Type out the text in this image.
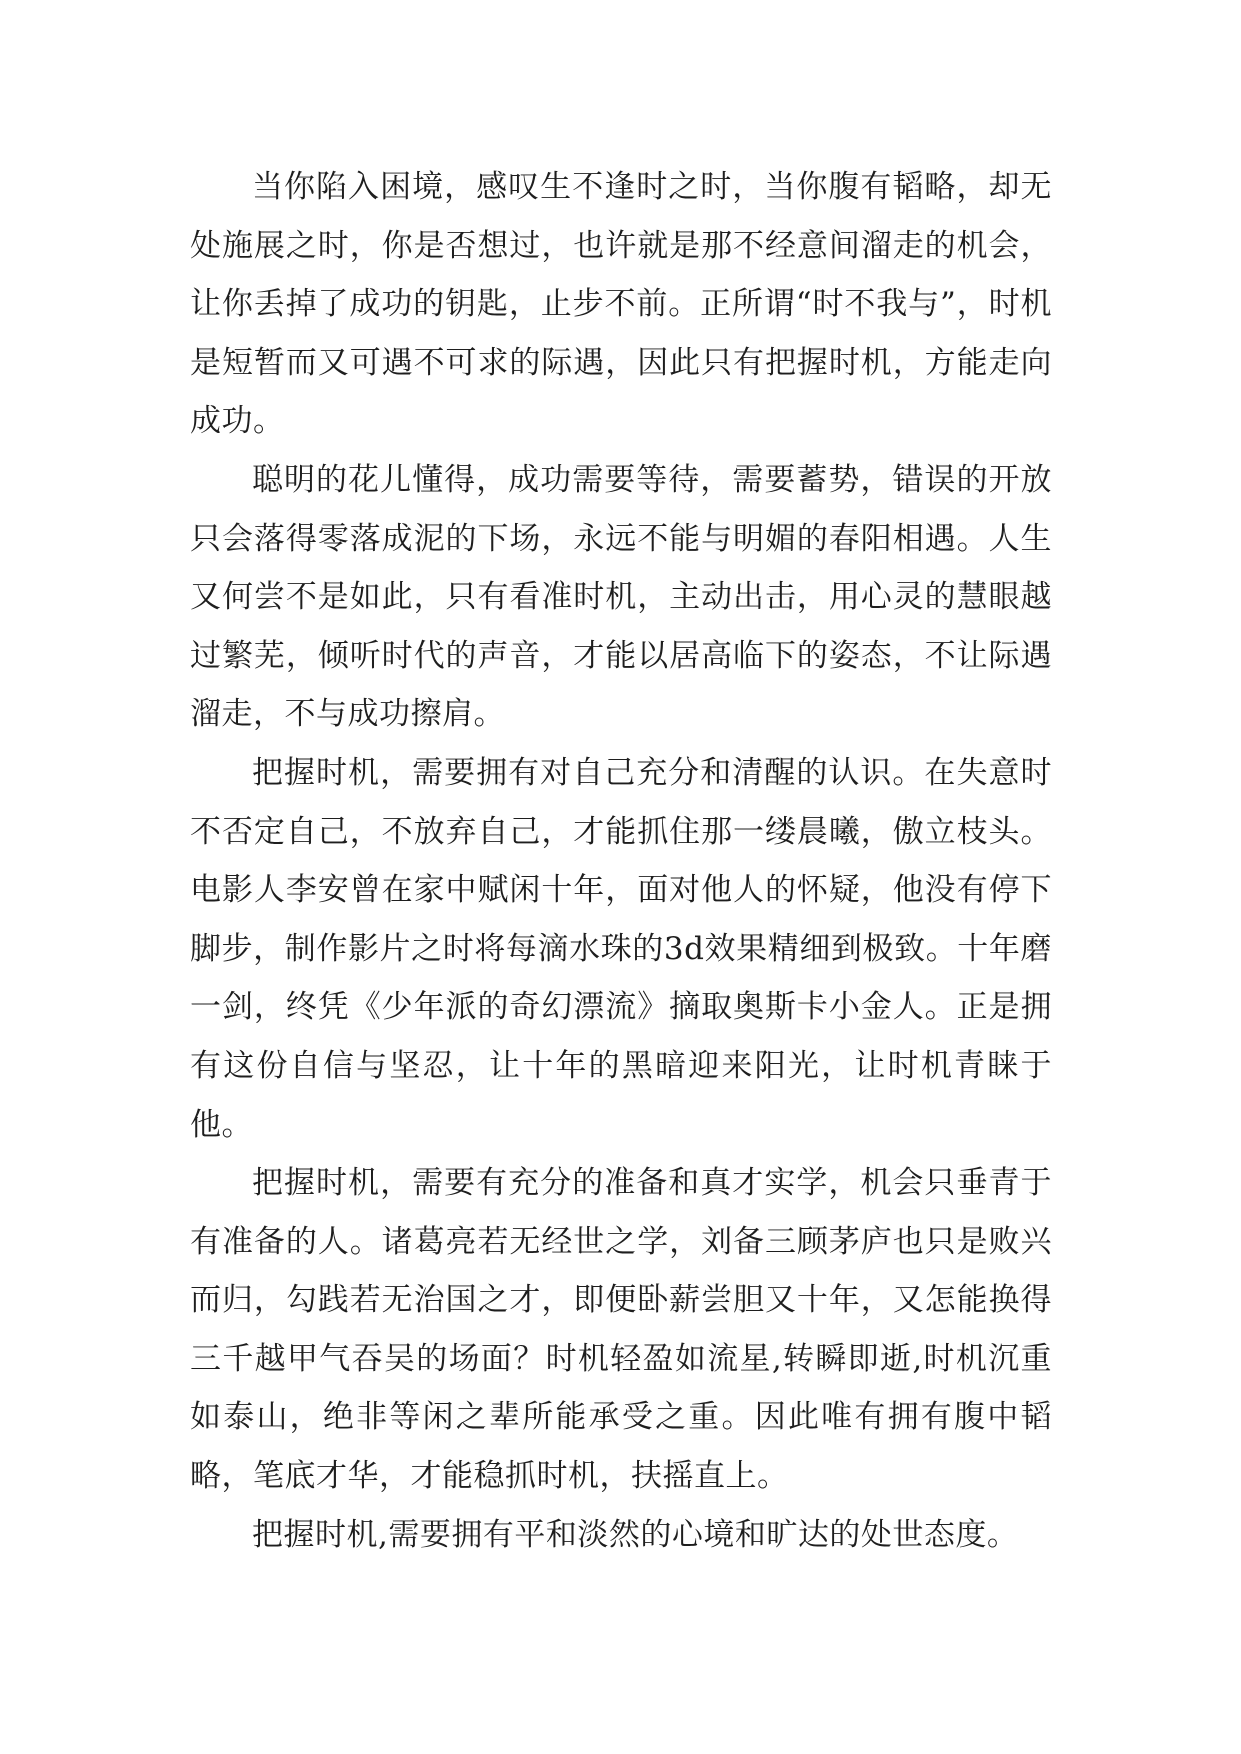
当你陷入困境，感叹生不逢时之时，当你腹有韬略，却无处施展之时，你是否想过，也许就是那不经意间溜走的机会，让你丢掉了成功的钥匙，止步不前。正所谓“时不我与”，时机是短暂而又可遇不可求的际遇，因此只有把握时机，方能走向成功。

聪明的花儿懂得，成功需要等待，需要蓄势，错误的开放只会落得零落成泥的下场，永远不能与明媚的春阳相遇。人生又何尝不是如此，只有看准时机，主动出击，用心灵的慧眼越过繁芜，倾听时代的声音，才能以居高临下的姿态，不让际遇溜走，不与成功擦肩。

把握时机，需要拥有对自己充分和清醒的认识。在失意时不否定自己，不放弃自己，才能抓住那一缕晨曦，傲立枝头。电影人李安曾在家中赋闲十年，面对他人的怀疑，他没有停下脚步，制作影片之时将每滴水珠的3d效果精细到极致。十年磨一剑，终凭《少年派的奇幻漂流》摘取奥斯卡小金人。正是拥有这份自信与坚忍，让十年的黑暗迎来阳光，让时机青睐于他。

把握时机，需要有充分的准备和真才实学，机会只垂青于有准备的人。诸葛亮若无经世之学，刘备三顾茅庐也只是败兴而归，勾践若无治国之才，即便卧薪尝胆又十年，又怎能换得三千越甲气吞吴的场面？时机轻盈如流星,转瞬即逝,时机沉重如泰山，绝非等闲之辈所能承受之重。因此唯有拥有腹中韬略，笔底才华，才能稳抓时机，扶摇直上。

把握时机,需要拥有平和淡然的心境和旷达的处世态度。
